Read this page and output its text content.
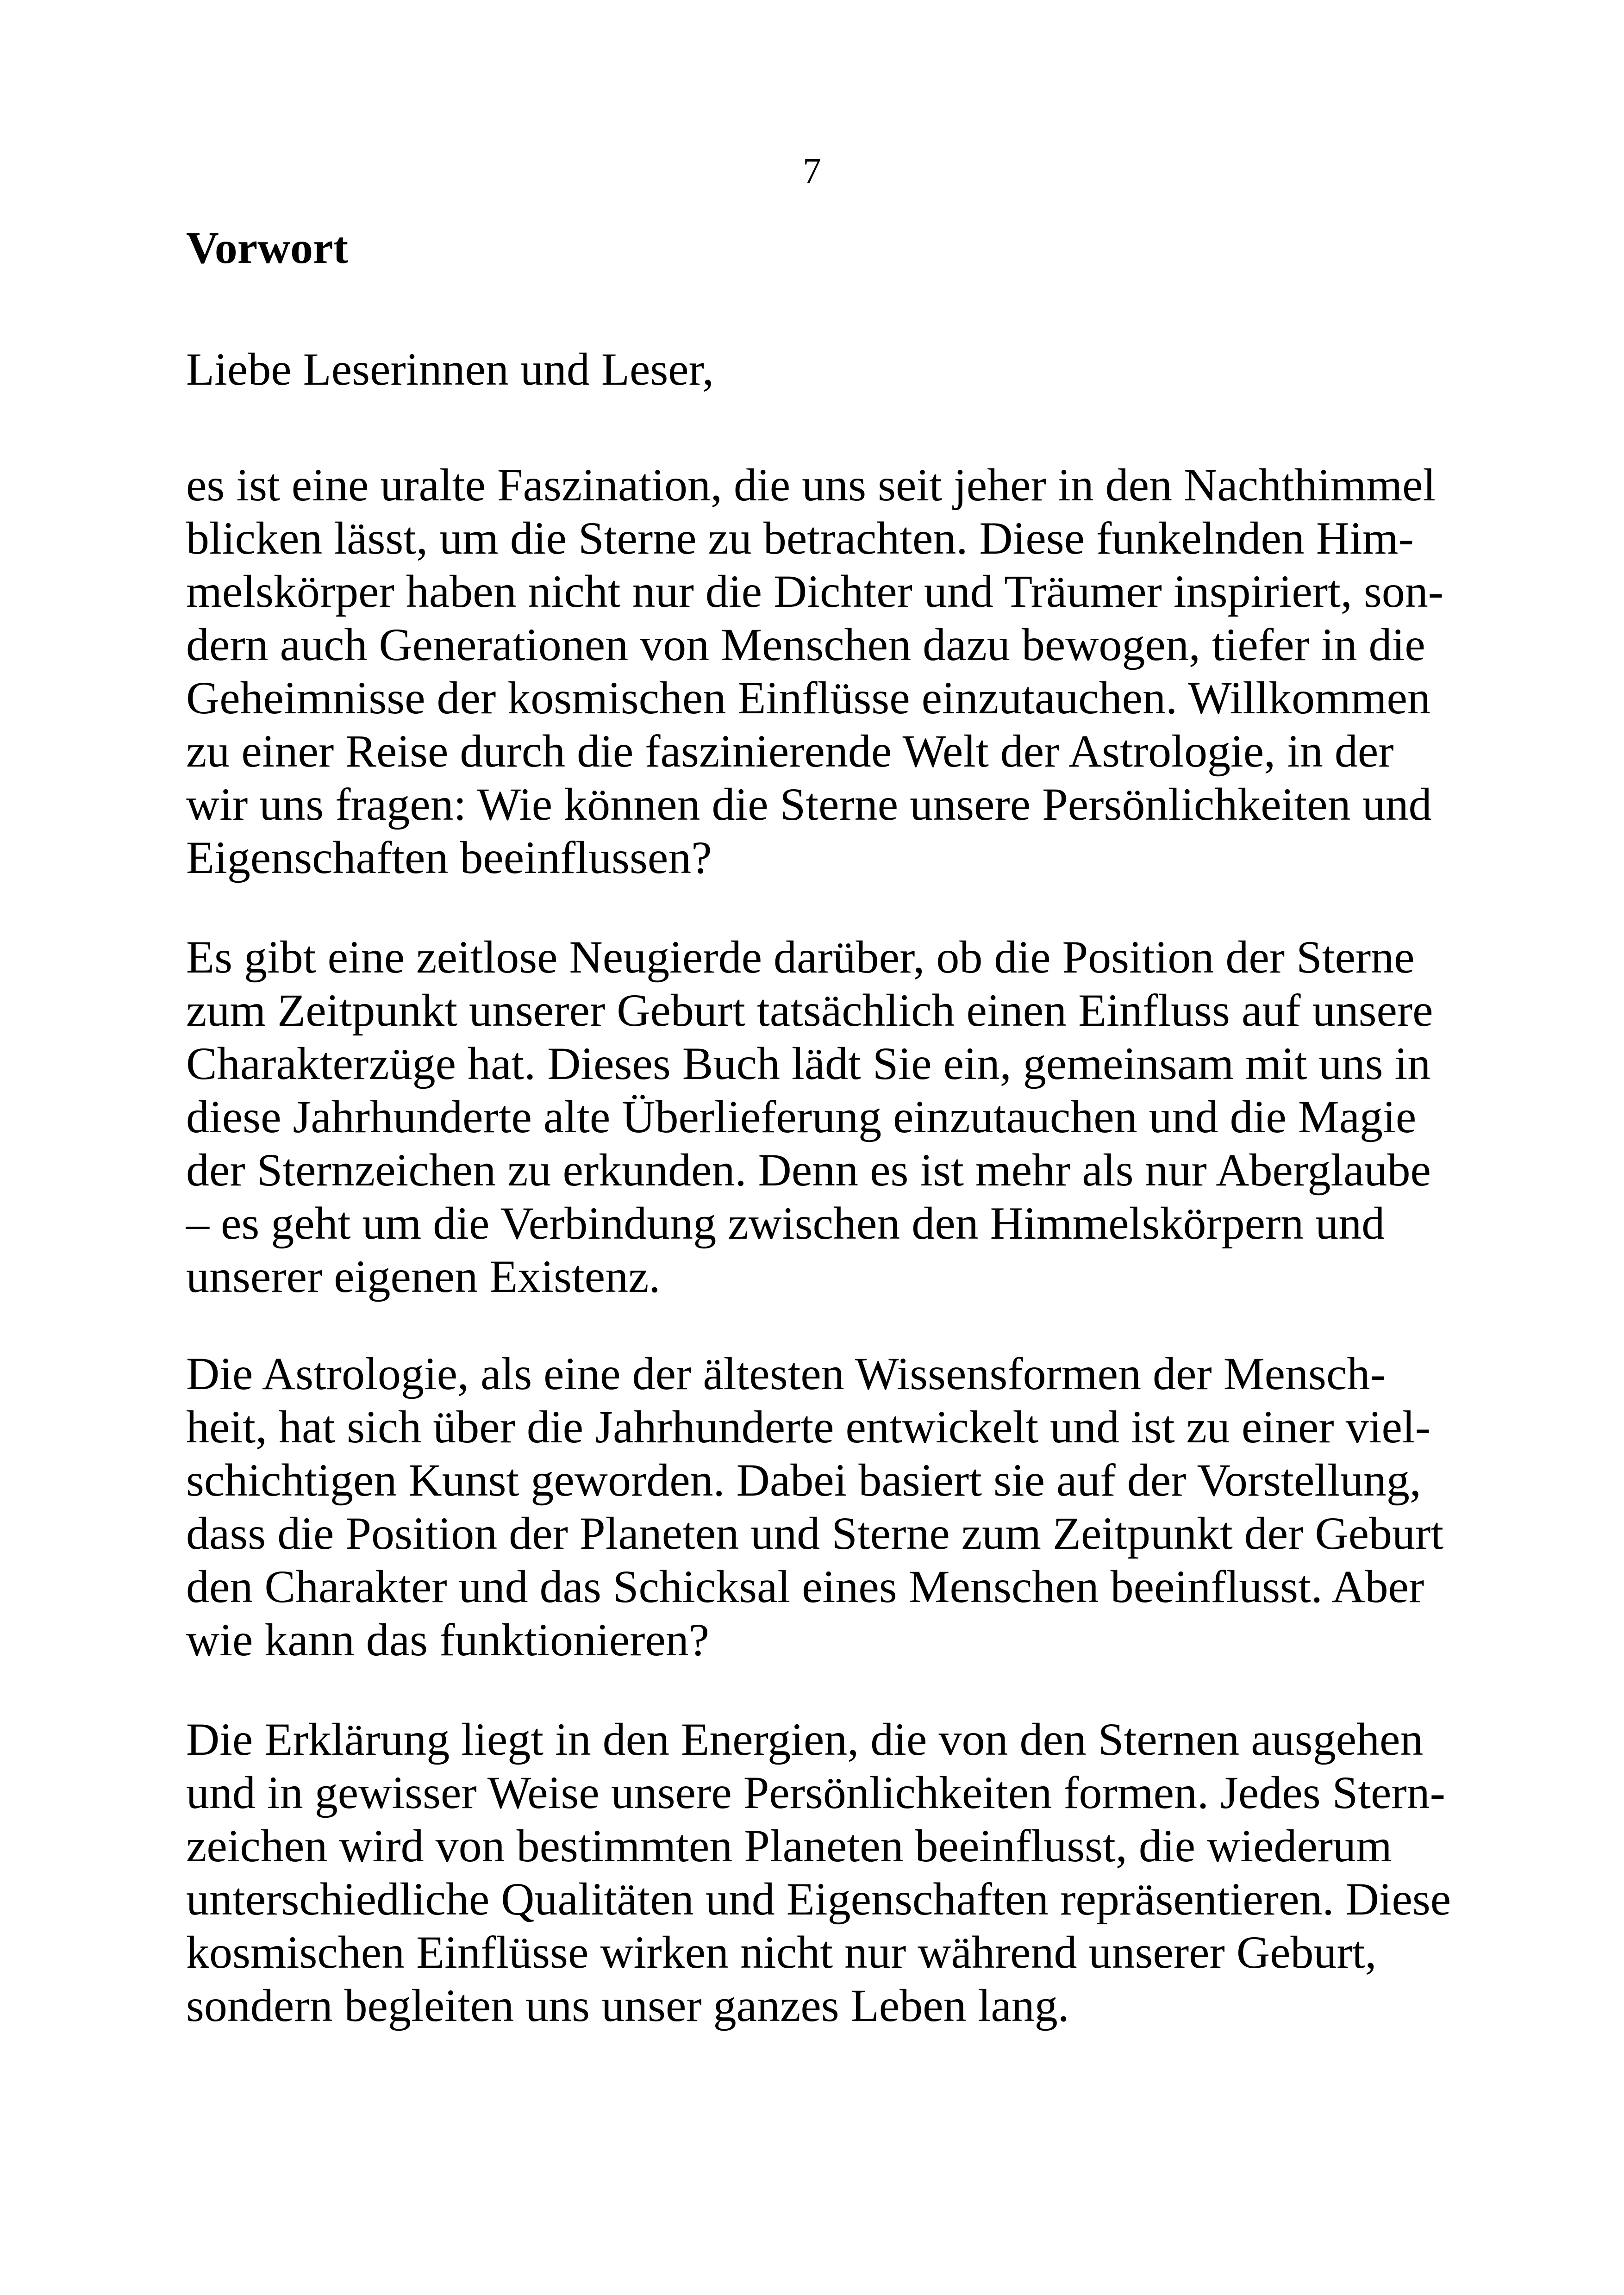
7

Vorwort

Liebe Leserinnen und Leser,

es ist eine uralte Faszination, die uns seit jeher in den Nachthimmel
blicken lässt, um die Sterne zu betrachten. Diese funkelnden Him-
melskörper haben nicht nur die Dichter und Träumer inspiriert, son-
dern auch Generationen von Menschen dazu bewogen, tiefer in die
Geheimnisse der kosmischen Einflüsse einzutauchen. Willkommen
zu einer Reise durch die faszinierende Welt der Astrologie, in der
wir uns fragen: Wie können die Sterne unsere Persönlichkeiten und
Eigenschaften beeinflussen?

Es gibt eine zeitlose Neugierde darüber, ob die Position der Sterne
zum Zeitpunkt unserer Geburt tatsächlich einen Einfluss auf unsere
Charakterzüge hat. Dieses Buch lädt Sie ein, gemeinsam mit uns in
diese Jahrhunderte alte Überlieferung einzutauchen und die Magie
der Sternzeichen zu erkunden. Denn es ist mehr als nur Aberglaube
– es geht um die Verbindung zwischen den Himmelskörpern und
unserer eigenen Existenz.

Die Astrologie, als eine der ältesten Wissensformen der Mensch-
heit, hat sich über die Jahrhunderte entwickelt und ist zu einer viel-
schichtigen Kunst geworden. Dabei basiert sie auf der Vorstellung,
dass die Position der Planeten und Sterne zum Zeitpunkt der Geburt
den Charakter und das Schicksal eines Menschen beeinflusst. Aber
wie kann das funktionieren?

Die Erklärung liegt in den Energien, die von den Sternen ausgehen
und in gewisser Weise unsere Persönlichkeiten formen. Jedes Stern-
zeichen wird von bestimmten Planeten beeinflusst, die wiederum
unterschiedliche Qualitäten und Eigenschaften repräsentieren. Diese
kosmischen Einflüsse wirken nicht nur während unserer Geburt,
sondern begleiten uns unser ganzes Leben lang.
